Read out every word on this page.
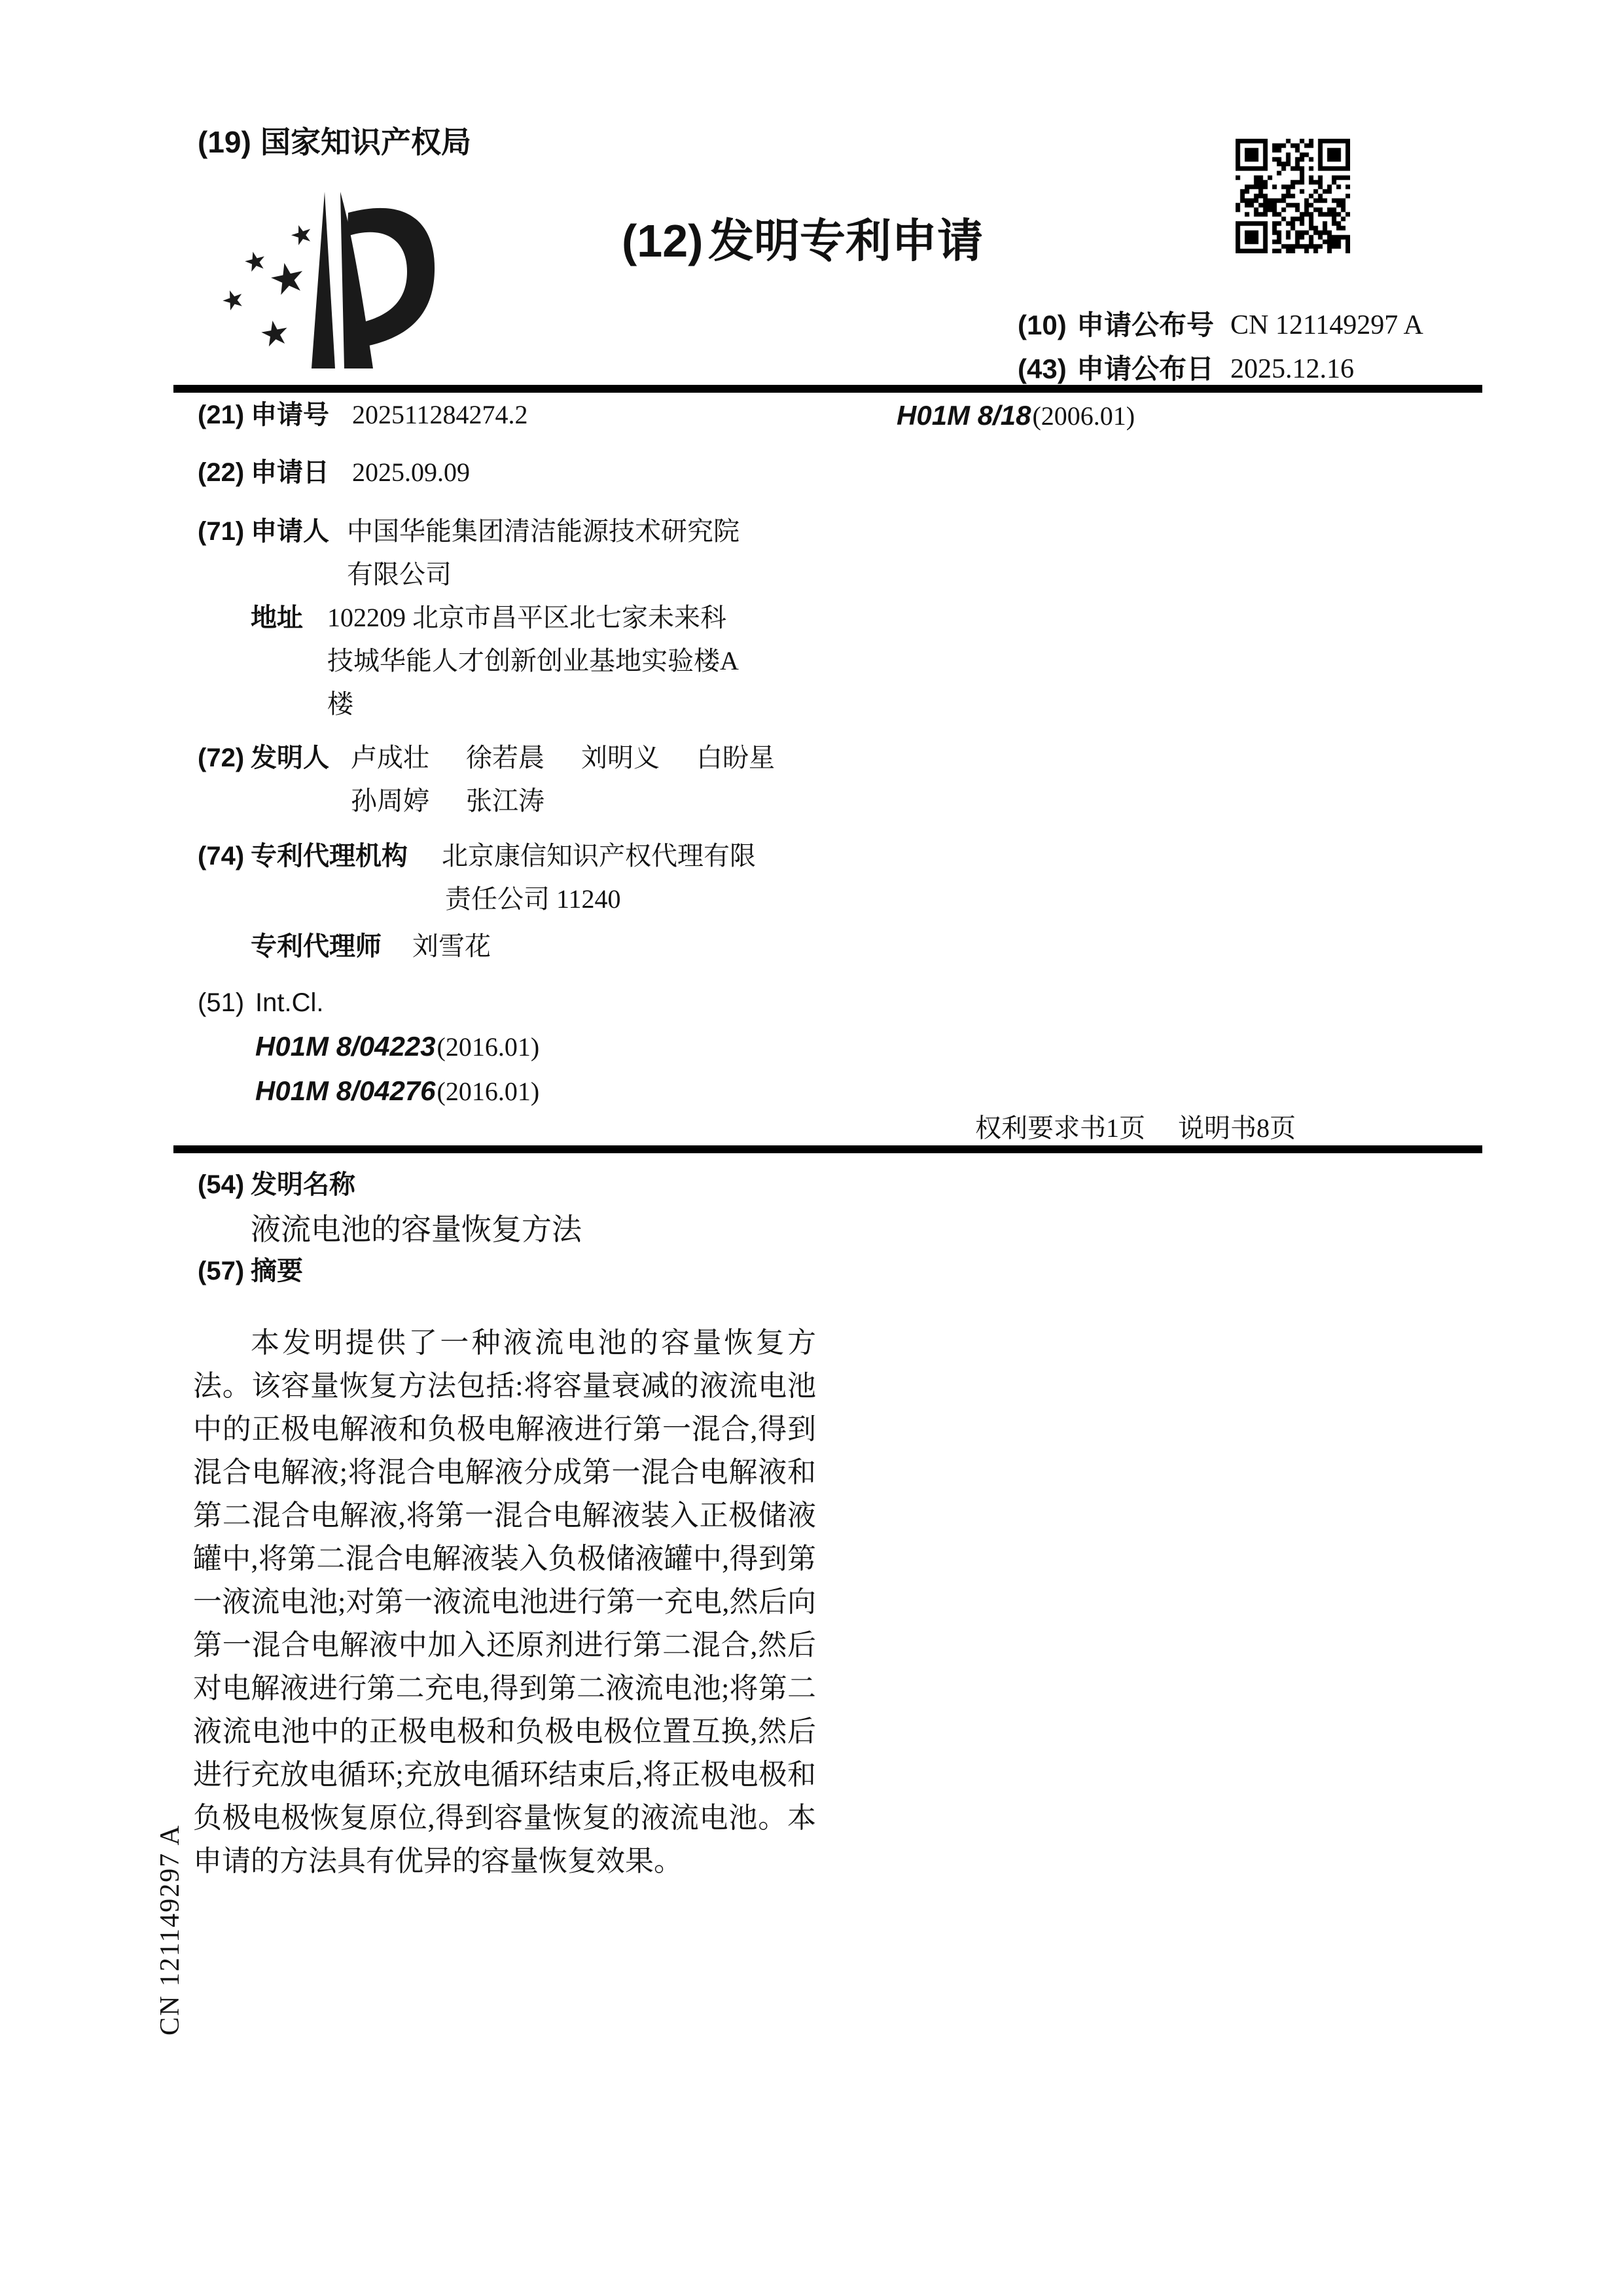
(19) 国家知识产权局
★
★
★
★
★
(12) 发明专利申请
(10) 申请公布号 CN 121149297 A
(43) 申请公布日 2025.12.16
(21) 申请号 202511284274.2	H01M 8/18(2006.01)
(22) 申请日 2025.09.09
(71) 申请人 中国华能集团清洁能源技术研究院
有限公司
地址 102209 北京市昌平区北七家未来科
技城华能人才创新创业基地实验楼A
楼
(72) 发明人 卢成壮 徐若晨 刘明义 白盼星
孙周婷 张江涛
(74) 专利代理机构 北京康信知识产权代理有限
责任公司 11240
专利代理师 刘雪花
(51) Int.Cl.
H01M 8/04223(2016.01)
H01M 8/04276(2016.01)
权利要求书1页 说明书8页
(54) 发明名称
液流电池的容量恢复方法
(57) 摘要

本发明提供了一种液流电池的容量恢复方法。该容量恢复方法包括:将容量衰减的液流电池中的正极电解液和负极电解液进行第一混合,得到混合电解液;将混合电解液分成第一混合电解液和第二混合电解液,将第一混合电解液装入正极储液罐中,将第二混合电解液装入负极储液罐中,得到第一液流电池;对第一液流电池进行第一充电,然后向第一混合电解液中加入还原剂进行第二混合,然后对电解液进行第二充电,得到第二液流电池;将第二液流电池中的正极电极和负极电极位置互换,然后进行充放电循环;充放电循环结束后,将正极电极和负极电极恢复原位,得到容量恢复的液流电池。本申请的方法具有优异的容量恢复效果。

CN 121149297 A
